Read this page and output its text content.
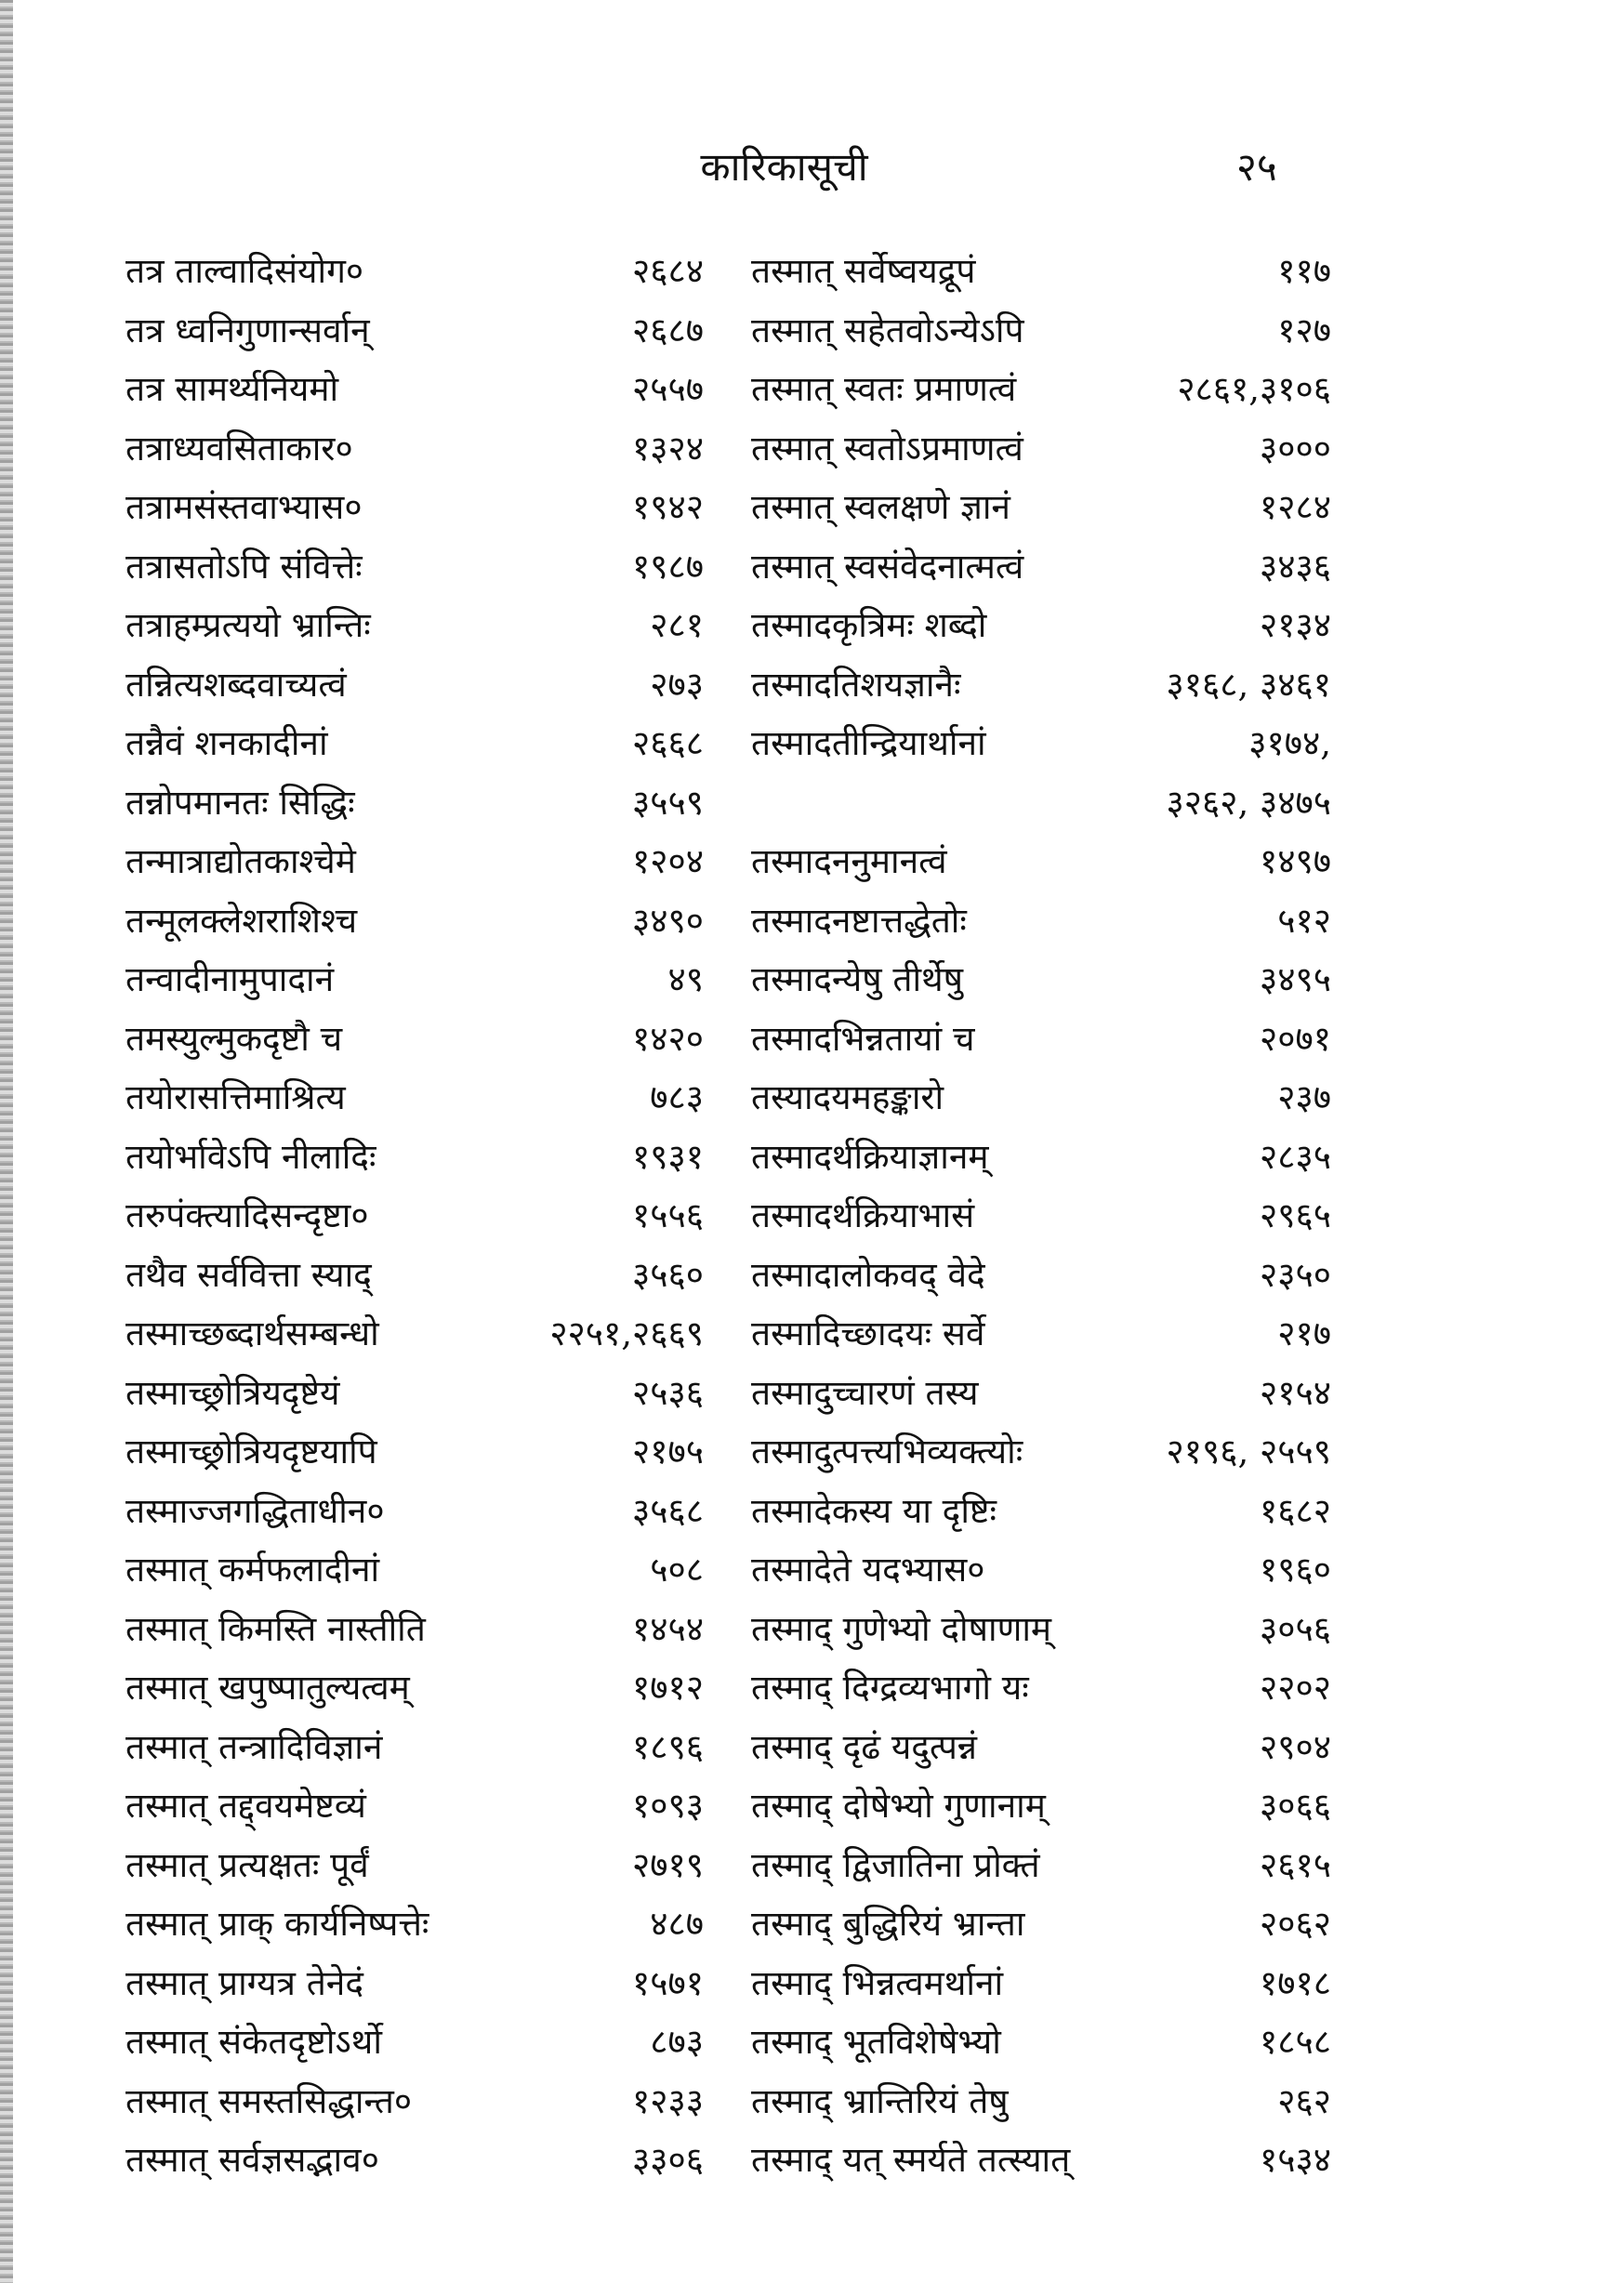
कारिकासूची	२५
तत्र ताल्वादिसंयोग०	२६८४ तस्मात् सर्वेष्वयद्रूपं	११७
तत्र ध्वनिगुणान्सर्वान्	२६८७ तस्मात् सहेतवोऽन्येऽपि	१२७
तत्र सामर्थ्यनियमो	२५५७ तस्मात् स्वतः प्रमाणत्वं	२८६१,३१०६
तत्राध्यवसिताकार०	१३२४ तस्मात् स्वतोऽप्रमाणत्वं	३०००
तत्रामसंस्तवाभ्यास०	१९४२ तस्मात् स्वलक्षणे ज्ञानं	१२८४
तत्रासतोऽपि संवित्तेः	१९८७ तस्मात् स्वसंवेदनात्मत्वं	३४३६
तत्राहम्प्रत्ययो भ्रान्तिः	२८१ तस्मादकृत्रिमः शब्दो	२१३४
तन्नित्यशब्दवाच्यत्वं	२७३ तस्मादतिशयज्ञानैः	३१६८, ३४६१
तन्नैवं शनकादीनां	२६६८ तस्मादतीन्द्रियार्थानां	३१७४,
तन्नोपमानतः सिद्धिः	३५५९	३२६२, ३४७५
तन्मात्राद्योतकाश्चेमे	१२०४ तस्मादननुमानत्वं	१४९७
तन्मूलक्लेशराशिश्च	३४९० तस्मादनष्टात्तद्धेतोः	५१२
तन्वादीनामुपादानं	४९ तस्मादन्येषु तीर्थेषु	३४९५
तमस्युल्मुकदृष्टौ च	१४२० तस्मादभिन्नतायां च	२०७१
तयोरासत्तिमाश्रित्य	७८३ तस्यादयमहङ्कारो	२३७
तयोर्भावेऽपि नीलादिः	१९३१ तस्मादर्थक्रियाज्ञानम्	२८३५
तरुपंक्त्यादिसन्दृष्टा०	१५५६ तस्मादर्थक्रियाभासं	२९६५
तथैव सर्ववित्ता स्याद्	३५६० तस्मादालोकवद् वेदे	२३५०
तस्माच्छब्दार्थसम्बन्धो	२२५१,२६६९ तस्मादिच्छादयः सर्वे	२१७
तस्माच्छ्रोत्रियदृष्टेयं	२५३६ तस्मादुच्चारणं तस्य	२१५४
तस्माच्छ्रोत्रियदृष्टयापि	२१७५ तस्मादुत्पत्त्यभिव्यक्त्योः	२१९६, २५५९
तस्माज्जगद्धिताधीन०	३५६८ तस्मादेकस्य या दृष्टिः	१६८२
तस्मात् कर्मफलादीनां	५०८ तस्मादेते यदभ्यास०	१९६०
तस्मात् किमस्ति नास्तीति	१४५४ तस्माद् गुणेभ्यो दोषाणाम्	३०५६
तस्मात् खपुष्पातुल्यत्वम्	१७१२ तस्माद् दिग्द्रव्यभागो यः	२२०२
तस्मात् तन्त्रादिविज्ञानं	१८९६ तस्माद् दृढं यदुत्पन्नं	२९०४
तस्मात् तद्द्वयमेष्टव्यं	१०९३ तस्माद् दोषेभ्यो गुणानाम्	३०६६
तस्मात् प्रत्यक्षतः पूर्वं	२७१९ तस्माद् द्विजातिना प्रोक्तं	२६१५
तस्मात् प्राक् कार्यनिष्पत्तेः	४८७ तस्माद् बुद्धिरियं भ्रान्ता	२०६२
तस्मात् प्राग्यत्र तेनेदं	१५७१ तस्माद् भिन्नत्वमर्थानां	१७१८
तस्मात् संकेतदृष्टोऽर्थो	८७३ तस्माद् भूतविशेषेभ्यो	१८५८
तस्मात् समस्तसिद्धान्त०	१२३३ तस्माद् भ्रान्तिरियं तेषु	२६२
तस्मात् सर्वज्ञसद्भाव०	३३०६ तस्माद् यत् स्मर्यते तत्स्यात्	१५३४
